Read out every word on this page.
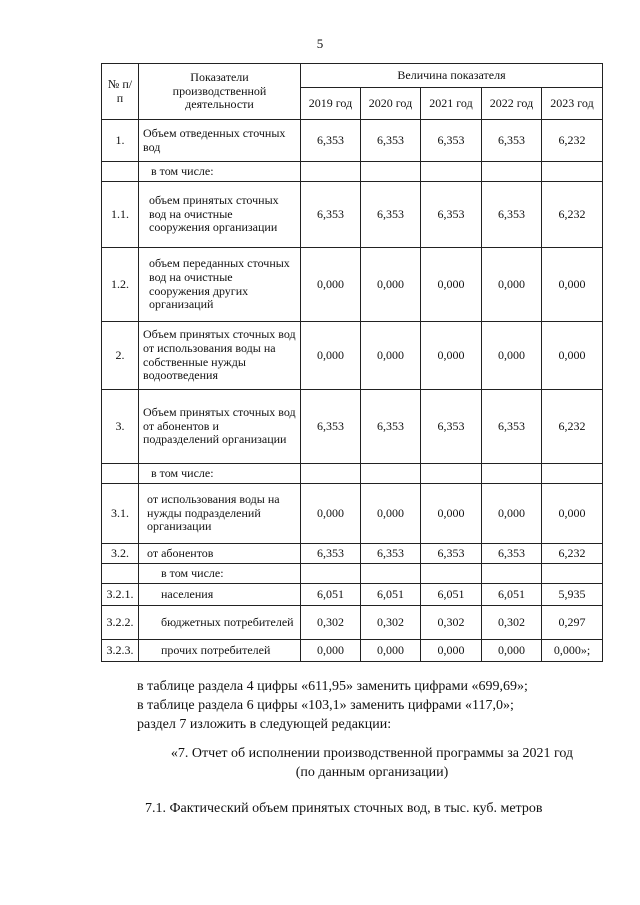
5
№ п/п	Показатели производственной деятельности	Величина показателя				
		2019 год	2020 год	2021 год	2022 год	2023 год
1.	Объем отведенных сточных вод	6,353	6,353	6,353	6,353	6,232
	в том числе:					
1.1.	объем принятых сточных вод на очистные сооружения организации	6,353	6,353	6,353	6,353	6,232
1.2.	объем переданных сточных вод на очистные сооружения других организаций	0,000	0,000	0,000	0,000	0,000
2.	Объем принятых сточных вод от использования воды на собственные нужды водоотведения	0,000	0,000	0,000	0,000	0,000
3.	Объем принятых сточных вод от абонентов и подразделений организации	6,353	6,353	6,353	6,353	6,232
	в том числе:					
3.1.	от использования воды на нужды подразделений организации	0,000	0,000	0,000	0,000	0,000
3.2.	от абонентов	6,353	6,353	6,353	6,353	6,232
	в том числе:					
3.2.1.	населения	6,051	6,051	6,051	6,051	5,935
3.2.2.	бюджетных потребителей	0,302	0,302	0,302	0,302	0,297
3.2.3.	прочих потребителей	0,000	0,000	0,000	0,000	0,000»;
в таблице раздела 4 цифры «611,95» заменить цифрами «699,69»;
в таблице раздела 6 цифры «103,1» заменить цифрами «117,0»;
раздел 7 изложить в следующей редакции:
«7. Отчет об исполнении производственной программы за 2021 год
(по данным организации)
7.1. Фактический объем принятых сточных вод, в тыс. куб. метров
